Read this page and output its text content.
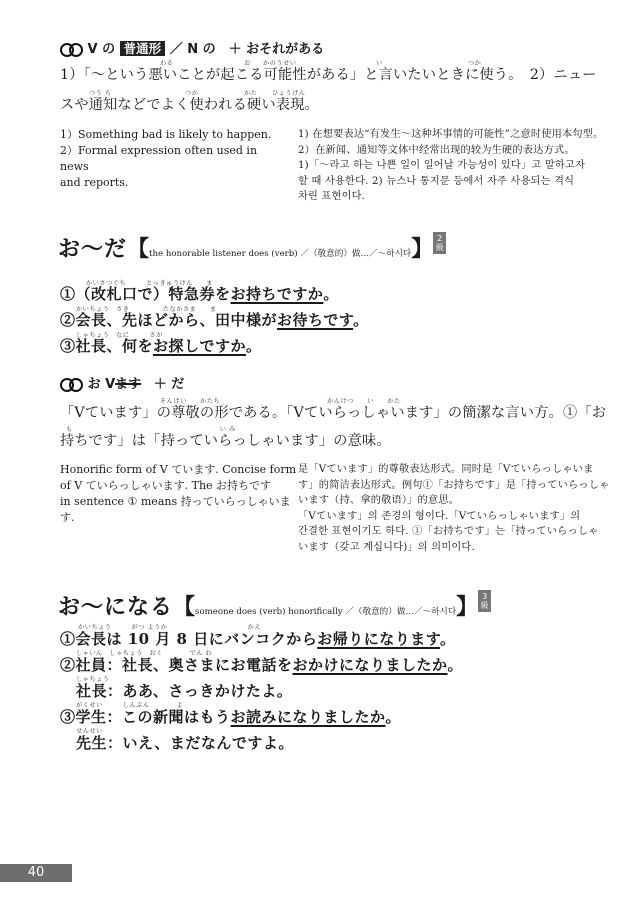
V の 普通形 ／ N の　＋ おそれがある
わる	お かのうせい	い	つか
1）「～という悪いことが起こる可能性がある」と言いたいときに使う。　2）ニュー
つう ち	つか	かた ひょうげん
スや通知などでよく使われる硬い表現。
1）Something bad is likely to happen.
2）Formal expression often used in news
and reports.
1) 在想要表达“有发生～这种坏事情的可能性”之意时使用本句型。
2）在新闻、通知等文体中经常出现的较为生硬的表达方式。
1)「～라고 하는 나쁜 일이 일어날 가능성이 있다」고 말하고자
할 때 사용한다. 2) 뉴스나 통지문 등에서 자주 사용되는 격식
차린 표현이다.
お～だ【the honorable listener does (verb) ／（敬意的）做…／～하시다】 2
級
かいさつぐち　　　とっきゅうけん　　ま
①（改札口で）特急券をお持ちですか。
かいちょう　さき　　　　　たなかさま　　ま
②会長、先ほどから、田中様がお待ちです。
しゃちょう　なに　　　さが
③社長、何をお探しですか。
お Vます ＋ だ
そんけい　　かたち　　　　　　　　　　　　　　　　かんけつ　　い　　かた
「Vています」の尊敬の形である。「Vていらっしゃいます」の簡潔な言い方。①「お
も　　　　　　　　　　　　　　　　　　　　　　い み
持ちです」は「持っていらっしゃいます」の意味。
Honorific form of V ています. Concise form
of V ていらっしゃいます. The お持ちです
in sentence ① means 持っていらっしゃいま
す.
是「Vています」的尊敬表达形式。同时是「Vていらっしゃいま
す」的简洁表达形式。例句①「お持ちです」是「持っていらっしゃ
います（持、拿的敬语）」的意思。
「Vています」의 존경의 형이다.「Vていらっしゃいます」의
간결한 표현이기도 하다. ①「お持ちです」는「持っていらっしゃ
います（갖고 계십니다)」의 의미이다.
お～になる【someone does (verb) honorifically ／（敬意的）做…／～하시다】 3
級
かいちょう　　　がつ ようか　　　　　　　　　　　　かえ
①会長は 10 月 8 日にバンコクからお帰りになります。
しゃいん　しゃちょう　おく　　　　でん わ
②社員：社長、奥さまにお電話をおかけになりましたか。
しゃちょう
社長：ああ、さっきかけたよ。
がくせい　　　しんぶん　　　　よ
③学生：この新聞はもうお読みになりましたか。
せんせい
先生：いえ、まだなんですよ。
40
